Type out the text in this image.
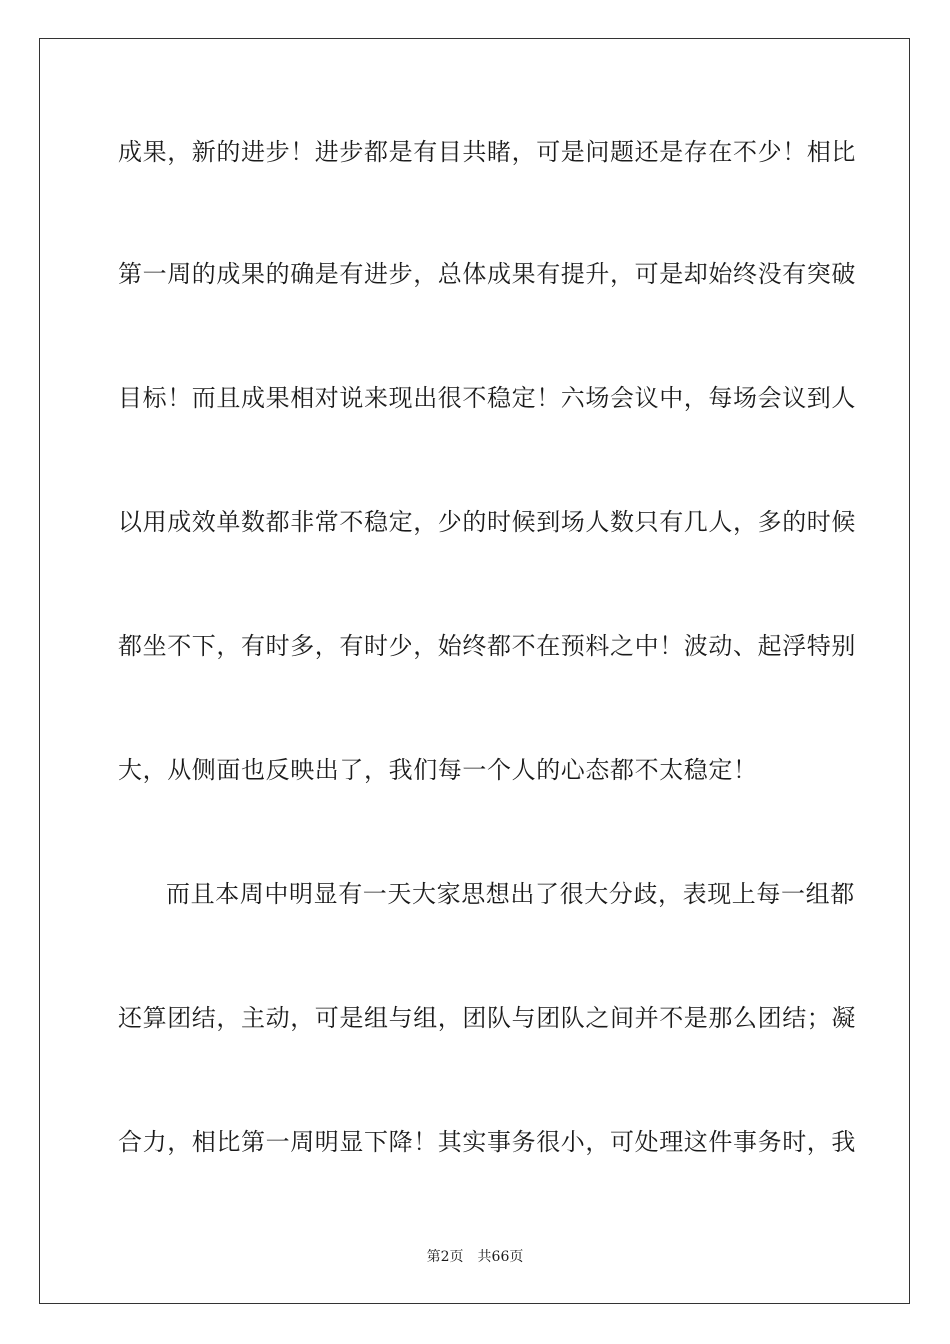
成果，新的进步！进步都是有目共睹，可是问题还是存在不少！相比
第一周的成果的确是有进步，总体成果有提升，可是却始终没有突破
目标！而且成果相对说来现出很不稳定！六场会议中，每场会议到人
以用成效单数都非常不稳定，少的时候到场人数只有几人，多的时候
都坐不下，有时多，有时少，始终都不在预料之中！波动、起浮特别
大，从侧面也反映出了，我们每一个人的心态都不太稳定！
而且本周中明显有一天大家思想出了很大分歧，表现上每一组都
还算团结，主动，可是组与组，团队与团队之间并不是那么团结；凝
合力，相比第一周明显下降！其实事务很小，可处理这件事务时，我
第2页 共66页
